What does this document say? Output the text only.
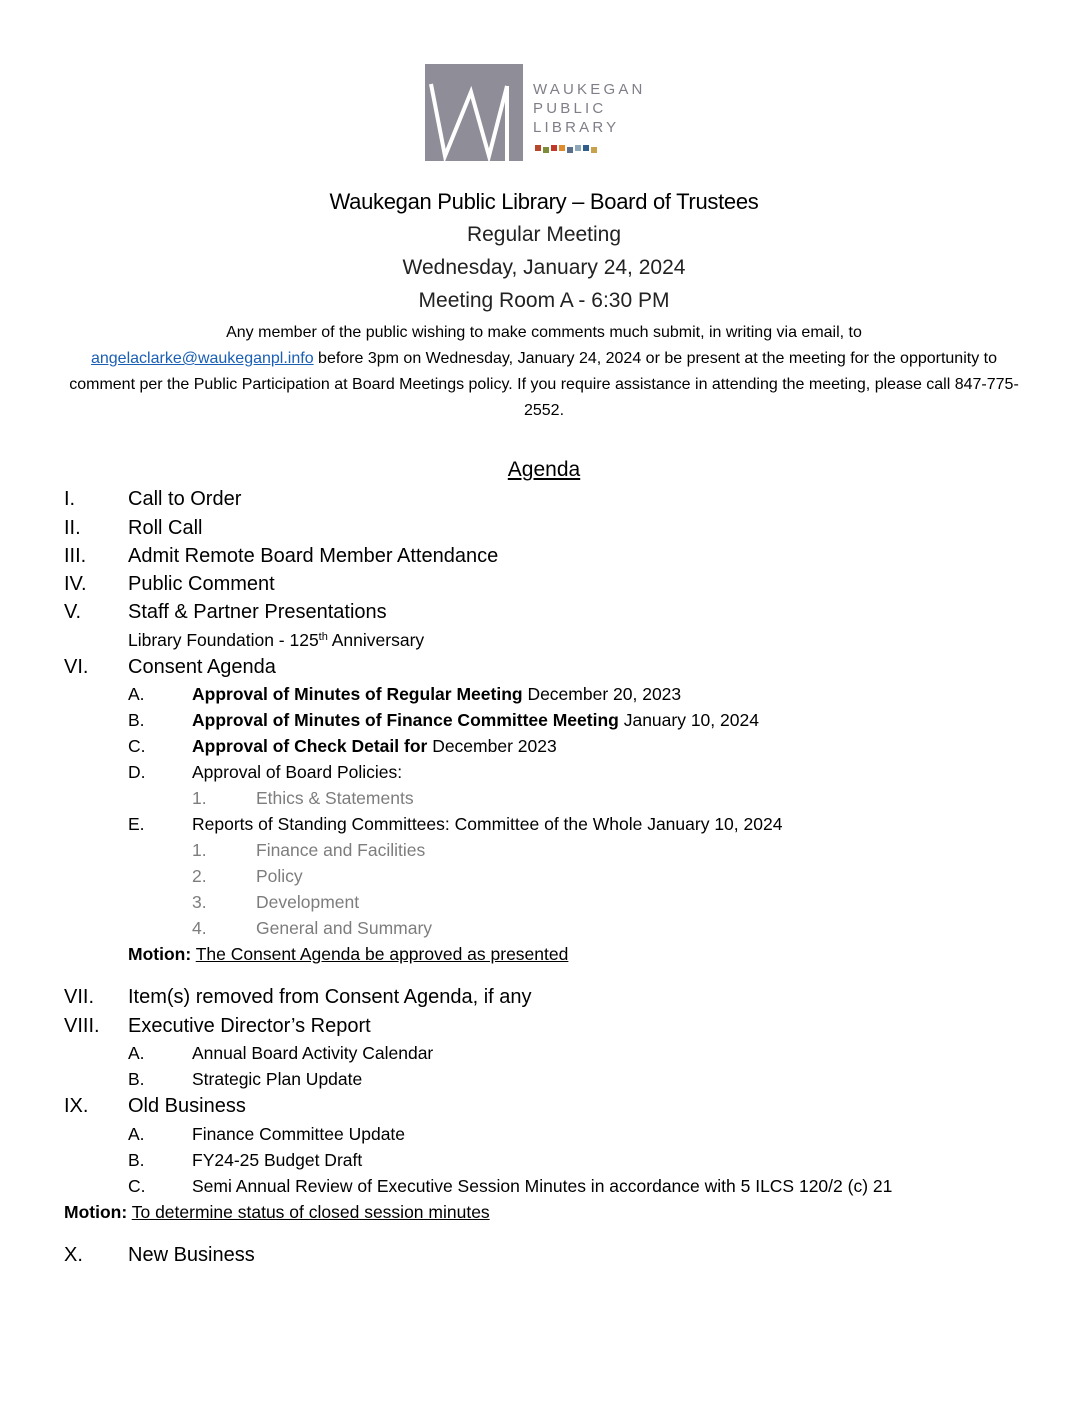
WAUKEGAN
PUBLIC
LIBRARY
Waukegan Public Library – Board of Trustees
Regular Meeting
Wednesday, January 24, 2024
Meeting Room A - 6:30 PM
Any member of the public wishing to make comments much submit, in writing via email, to
angelaclarke@waukeganpl.info before 3pm on Wednesday, January 24, 2024 or be present at the meeting for the opportunity to comment per the Public Participation at Board Meetings policy. If you require assistance in attending the meeting, please call 847-775-2552.
Agenda
I.	Call to Order
II. Roll Call
III. Admit Remote Board Member Attendance
IV. Public Comment
V. Staff & Partner Presentations
Library Foundation - 125th Anniversary
VI. Consent Agenda
A.	Approval of Minutes of Regular Meeting December 20, 2023
B.	Approval of Minutes of Finance Committee Meeting January 10, 2024
C.	Approval of Check Detail for December 2023
D.	Approval of Board Policies:
1.	Ethics & Statements
E.	Reports of Standing Committees: Committee of the Whole January 10, 2024
1.	Finance and Facilities
2.	Policy
3.	Development
4.	General and Summary
Motion: The Consent Agenda be approved as presented
VII. Item(s) removed from Consent Agenda, if any
VIII. Executive Director’s Report
A.	Annual Board Activity Calendar
B.	Strategic Plan Update
IX. Old Business
A.	Finance Committee Update
B.	FY24-25 Budget Draft
C.	Semi Annual Review of Executive Session Minutes in accordance with 5 ILCS 120/2 (c) 21
Motion: To determine status of closed session minutes
X. New Business
